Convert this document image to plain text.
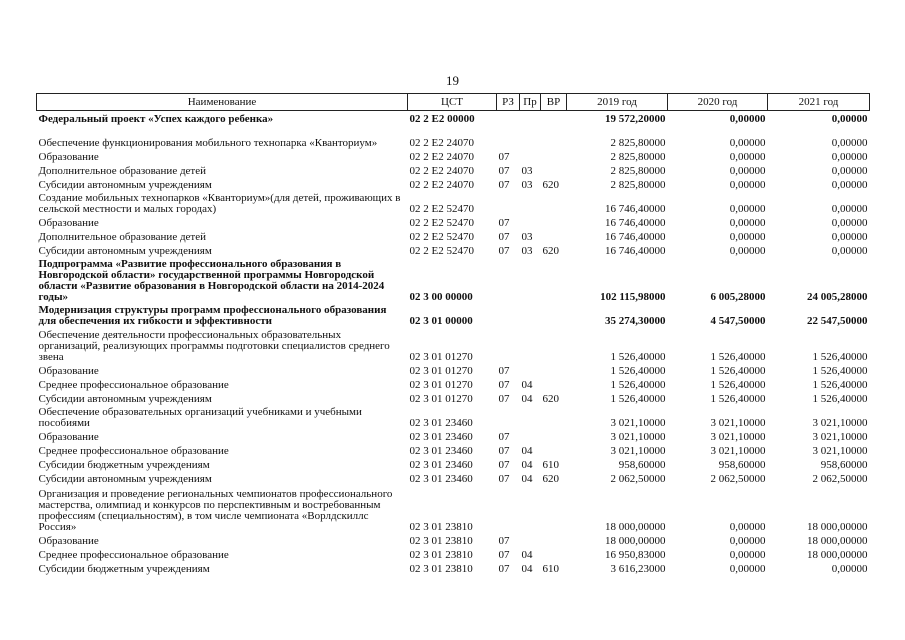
19
Наименование	ЦСТ	РЗ	Пр	ВР	2019 год	2020 год	2021 год
Федеральный проект «Успех каждого ребенка»	02 2 Е2 00000				19 572,20000	0,00000	0,00000
Обеспечение функционирования мобильного технопарка «Кванториум»	02 2 Е2 24070				2 825,80000	0,00000	0,00000
Образование	02 2 Е2 24070	07			2 825,80000	0,00000	0,00000
Дополнительное образование детей	02 2 Е2 24070	07	03		2 825,80000	0,00000	0,00000
Субсидии автономным учреждениям	02 2 Е2 24070	07	03	620	2 825,80000	0,00000	0,00000
Создание мобильных технопарков «Кванториум»(для детей, проживающих в сельской местности и малых городах)	02 2 Е2 52470				16 746,40000	0,00000	0,00000
Образование	02 2 Е2 52470	07			16 746,40000	0,00000	0,00000
Дополнительное образование детей	02 2 Е2 52470	07	03		16 746,40000	0,00000	0,00000
Субсидии автономным учреждениям	02 2 Е2 52470	07	03	620	16 746,40000	0,00000	0,00000
Подпрограмма «Развитие профессионального образования в Новгородской области» государственной программы Новгородской области «Развитие образования в Новгородской области на 2014-2024 годы»	02 3 00 00000				102 115,98000	6 005,28000	24 005,28000
Модернизация структуры программ профессионального образования для обеспечения их гибкости и эффективности	02 3 01 00000				35 274,30000	4 547,50000	22 547,50000
Обеспечение деятельности профессиональных образовательных организаций, реализующих программы подготовки специалистов среднего звена	02 3 01 01270				1 526,40000	1 526,40000	1 526,40000
Образование	02 3 01 01270	07			1 526,40000	1 526,40000	1 526,40000
Среднее профессиональное образование	02 3 01 01270	07	04		1 526,40000	1 526,40000	1 526,40000
Субсидии автономным учреждениям	02 3 01 01270	07	04	620	1 526,40000	1 526,40000	1 526,40000
Обеспечение образовательных организаций учебниками и учебными пособиями	02 3 01 23460				3 021,10000	3 021,10000	3 021,10000
Образование	02 3 01 23460	07			3 021,10000	3 021,10000	3 021,10000
Среднее профессиональное образование	02 3 01 23460	07	04		3 021,10000	3 021,10000	3 021,10000
Субсидии бюджетным учреждениям	02 3 01 23460	07	04	610	958,60000	958,60000	958,60000
Субсидии автономным учреждениям	02 3 01 23460	07	04	620	2 062,50000	2 062,50000	2 062,50000
Организация и проведение региональных чемпионатов профессионального мастерства, олимпиад и конкурсов по перспективным и востребованным профессиям (специальностям), в том числе чемпионата «Ворлдскиллс Россия»	02 3 01 23810				18 000,00000	0,00000	18 000,00000
Образование	02 3 01 23810	07			18 000,00000	0,00000	18 000,00000
Среднее профессиональное образование	02 3 01 23810	07	04		16 950,83000	0,00000	18 000,00000
Субсидии бюджетным учреждениям	02 3 01 23810	07	04	610	3 616,23000	0,00000	0,00000
